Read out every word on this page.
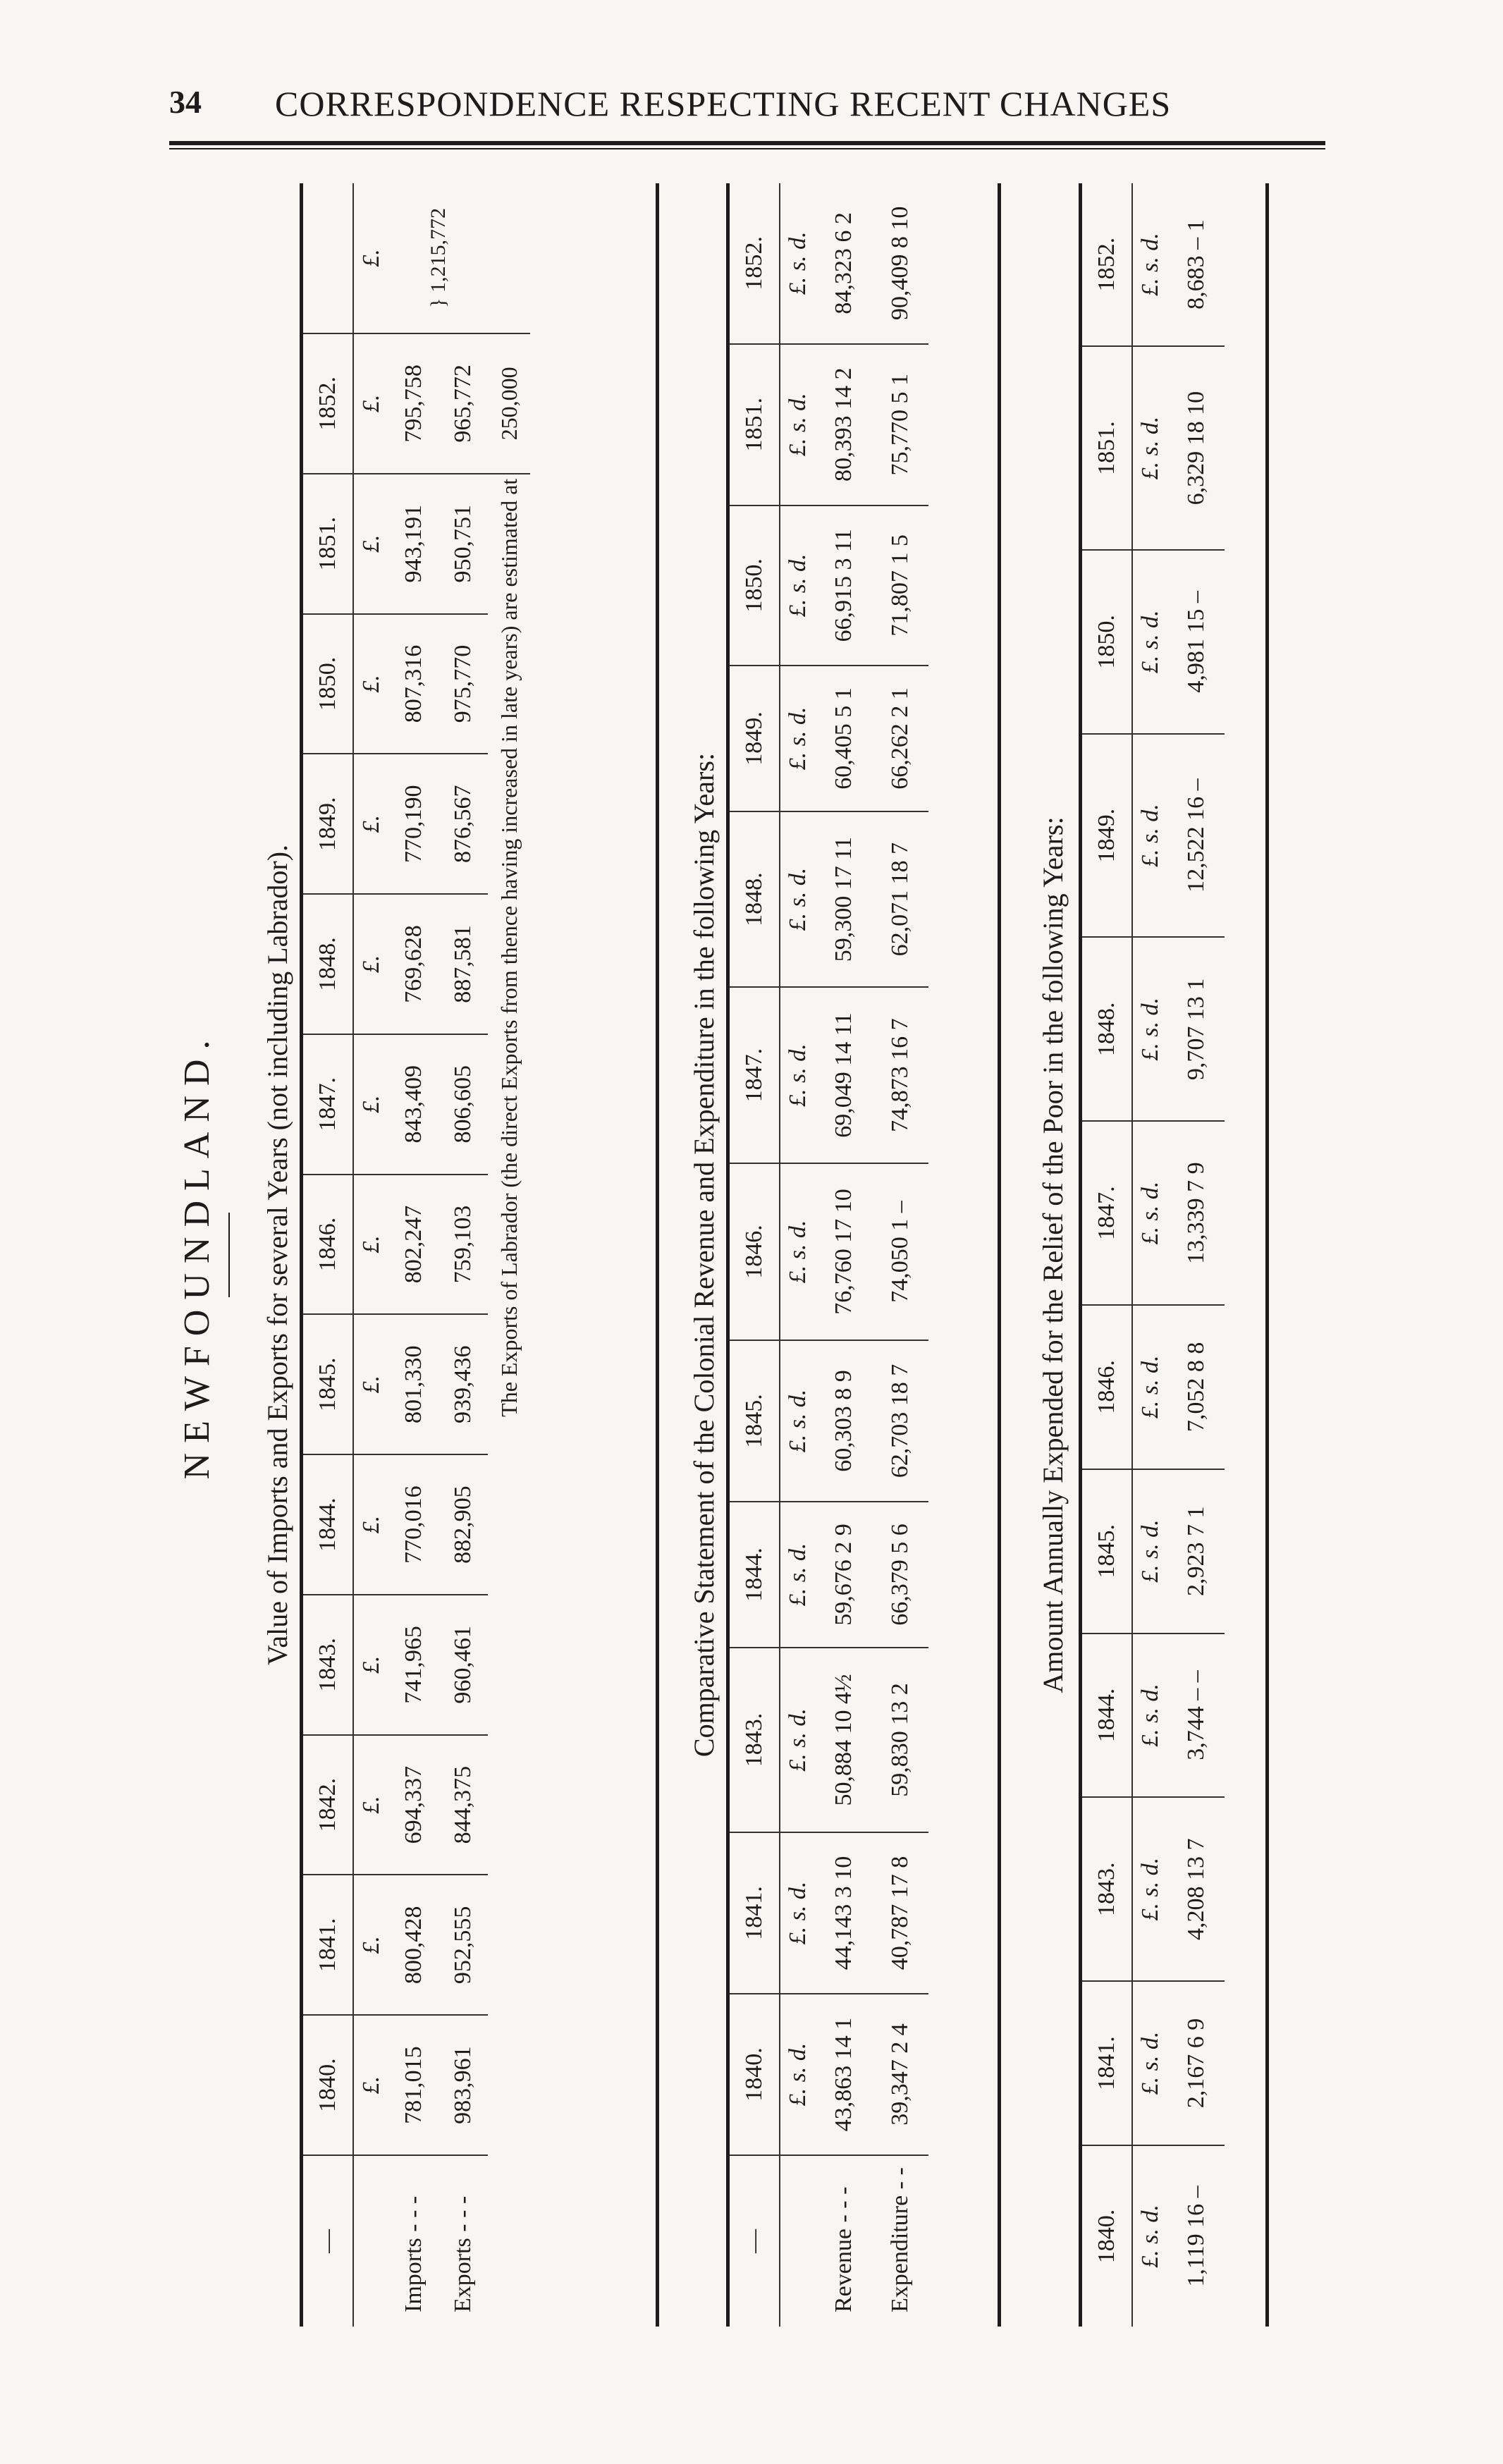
34 CORRESPONDENCE RESPECTING RECENT CHANGES
NEWFOUNDLAND. Value of Imports and Exports for several Years (not including Labrador).
—	1840.	1841.	1842.	1843.	1844.	1845.	1846.	1847.	1848.	1849.	1850.	1851.	1852.	
	£.	£.	£.	£.	£.	£.	£.	£.	£.	£.	£.	£.	£.	£.
Imports - - -	781,015	800,428	694,337	741,965	770,016	801,330	802,247	843,409	769,628	770,190	807,316	943,191	795,758	} 1,215,772
Exports - - -	983,961	952,555	844,375	960,461	882,905	939,436	759,103	806,605	887,581	876,567	975,770	950,751	965,772	
	The Exports of Labrador (the direct Exports from thence having increased in late years) are estimated at												250,000	
Comparative Statement of the Colonial Revenue and Expenditure in the following Years:
—	1840.	1841.	1843.	1844.	1845.	1846.	1847.	1848.	1849.	1850.	1851.	1852.
	£. s. d.	£. s. d.	£. s. d.	£. s. d.	£. s. d.	£. s. d.	£. s. d.	£. s. d.	£. s. d.	£. s. d.	£. s. d.	£. s. d.
Revenue - - -	43,863 14 1	44,143 3 10	50,884 10 4½	59,676 2 9	60,303 8 9	76,760 17 10	69,049 14 11	59,300 17 11	60,405 5 1	66,915 3 11	80,393 14 2	84,323 6 2
Expenditure - -	39,347 2 4	40,787 17 8	59,830 13 2	66,379 5 6	62,703 18 7	74,050 1 –	74,873 16 7	62,071 18 7	66,262 2 1	71,807 1 5	75,770 5 1	90,409 8 10
Amount Annually Expended for the Relief of the Poor in the following Years:
1840.	1841.	1843.	1844.	1845.	1846.	1847.	1848.	1849.	1850.	1851.	1852.
£. s. d.	£. s. d.	£. s. d.	£. s. d.	£. s. d.	£. s. d.	£. s. d.	£. s. d.	£. s. d.	£. s. d.	£. s. d.	£. s. d.
1,119 16 –	2,167 6 9	4,208 13 7	3,744 – –	2,923 7 1	7,052 8 8	13,339 7 9	9,707 13 1	12,522 16 –	4,981 15 –	6,329 18 10	8,683 – 1
